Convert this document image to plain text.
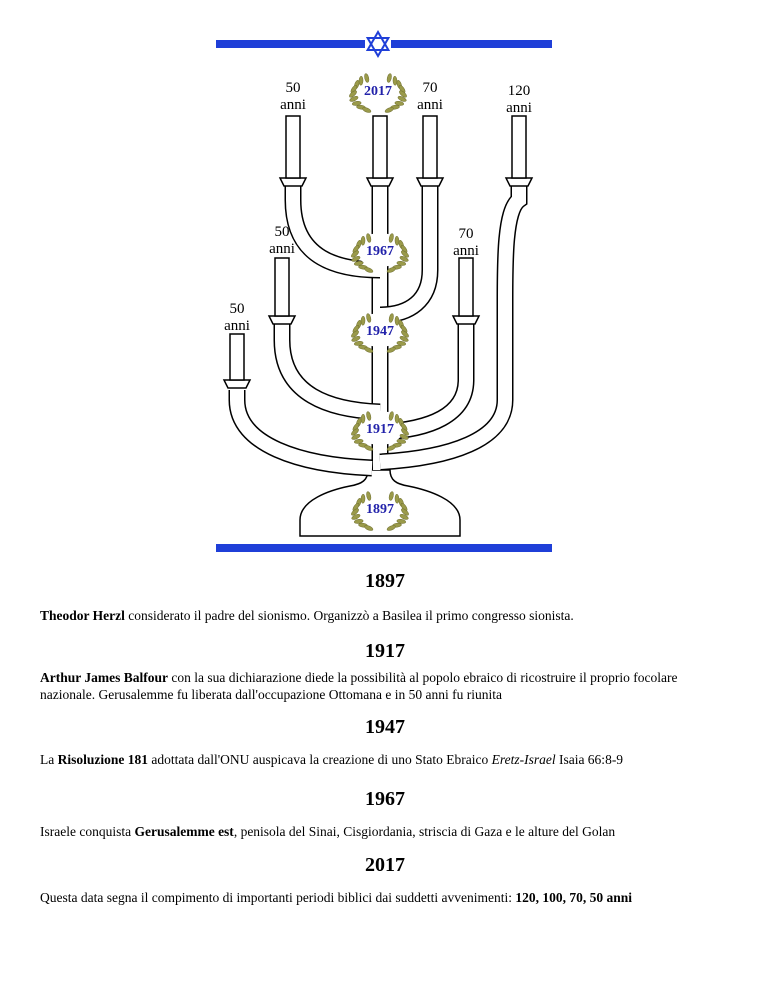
50
anni
70
anni
120
anni
50
anni
70
anni
50
anni
2017
1967
1947
1917
1897
1897

Theodor Herzl considerato il padre del sionismo. Organizzò a Basilea il primo congresso sionista.

1917

Arthur James Balfour con la sua dichiarazione diede la possibilità al popolo ebraico di ricostruire il proprio focolare nazionale. Gerusalemme fu liberata dall'occupazione Ottomana e in 50 anni fu riunita

1947

La Risoluzione 181 adottata dall'ONU auspicava la creazione di uno Stato Ebraico Eretz-Israel Isaia 66:8-9

1967

Israele conquista Gerusalemme est, penisola del Sinai, Cisgiordania, striscia di Gaza e le alture del Golan

2017

Questa data segna il compimento di importanti periodi biblici dai suddetti avvenimenti: 120, 100, 70, 50 anni
